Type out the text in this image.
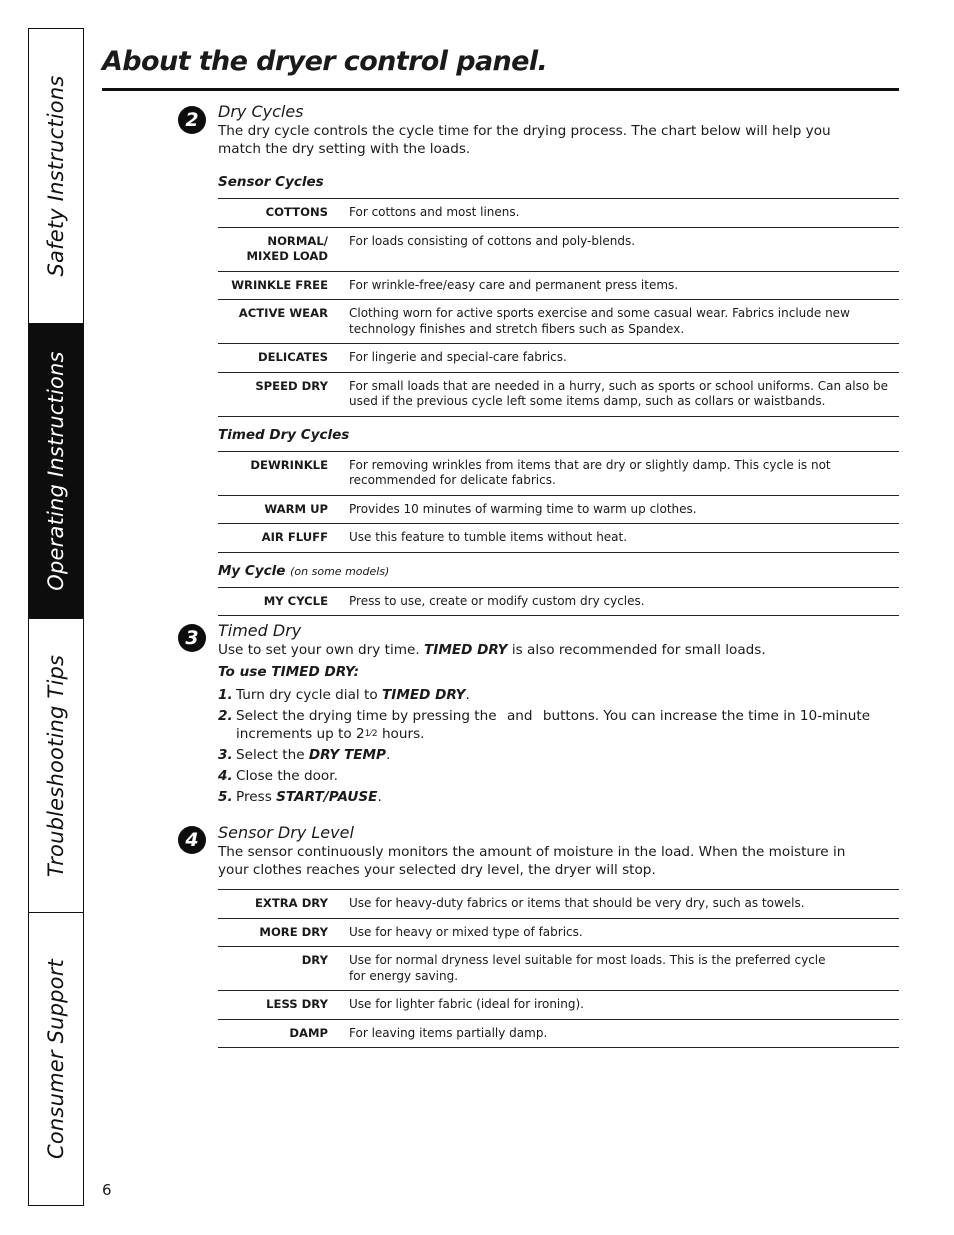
Safety Instructions
Operating Instructions
Troubleshooting Tips
Consumer Support
About the dryer control panel.
2	Dry Cycles

The dry cycle controls the cycle time for the drying process. The chart below will help you match the dry setting with the loads.

Sensor Cycles

COTTONS	For cottons and most linens.
NORMAL/
MIXED LOAD	For loads consisting of cottons and poly-blends.
WRINKLE FREE	For wrinkle-free/easy care and permanent press items.
ACTIVE WEAR	Clothing worn for active sports exercise and some casual wear. Fabrics include new technology finishes and stretch fibers such as Spandex.
DELICATES	For lingerie and special-care fabrics.
SPEED DRY	For small loads that are needed in a hurry, such as sports or school uniforms. Can also be used if the previous cycle left some items damp, such as collars or waistbands.

Timed Dry Cycles

DEWRINKLE	For removing wrinkles from items that are dry or slightly damp. This cycle is not recommended for delicate fabrics.
WARM UP	Provides 10 minutes of warming time to warm up clothes.
AIR FLUFF	Use this feature to tumble items without heat.

My Cycle (on some models)

MY CYCLE	Press to use, create or modify custom dry cycles.
3	Timed Dry

Use to set your own dry time. TIMED DRY is also recommended for small loads.

To use TIMED DRY:

1. Turn dry cycle dial to TIMED DRY.
2. Select the drying time by pressing the and buttons. You can increase the time in 10-minute increments up to 21⁄2 hours.
3. Select the DRY TEMP.
4. Close the door.
5. Press START/PAUSE.
4	Sensor Dry Level

The sensor continuously monitors the amount of moisture in the load. When the moisture in your clothes reaches your selected dry level, the dryer will stop.

EXTRA DRY	Use for heavy-duty fabrics or items that should be very dry, such as towels.
MORE DRY	Use for heavy or mixed type of fabrics.
DRY	Use for normal dryness level suitable for most loads. This is the preferred cycle
for energy saving.
LESS DRY	Use for lighter fabric (ideal for ironing).
DAMP	For leaving items partially damp.
6
